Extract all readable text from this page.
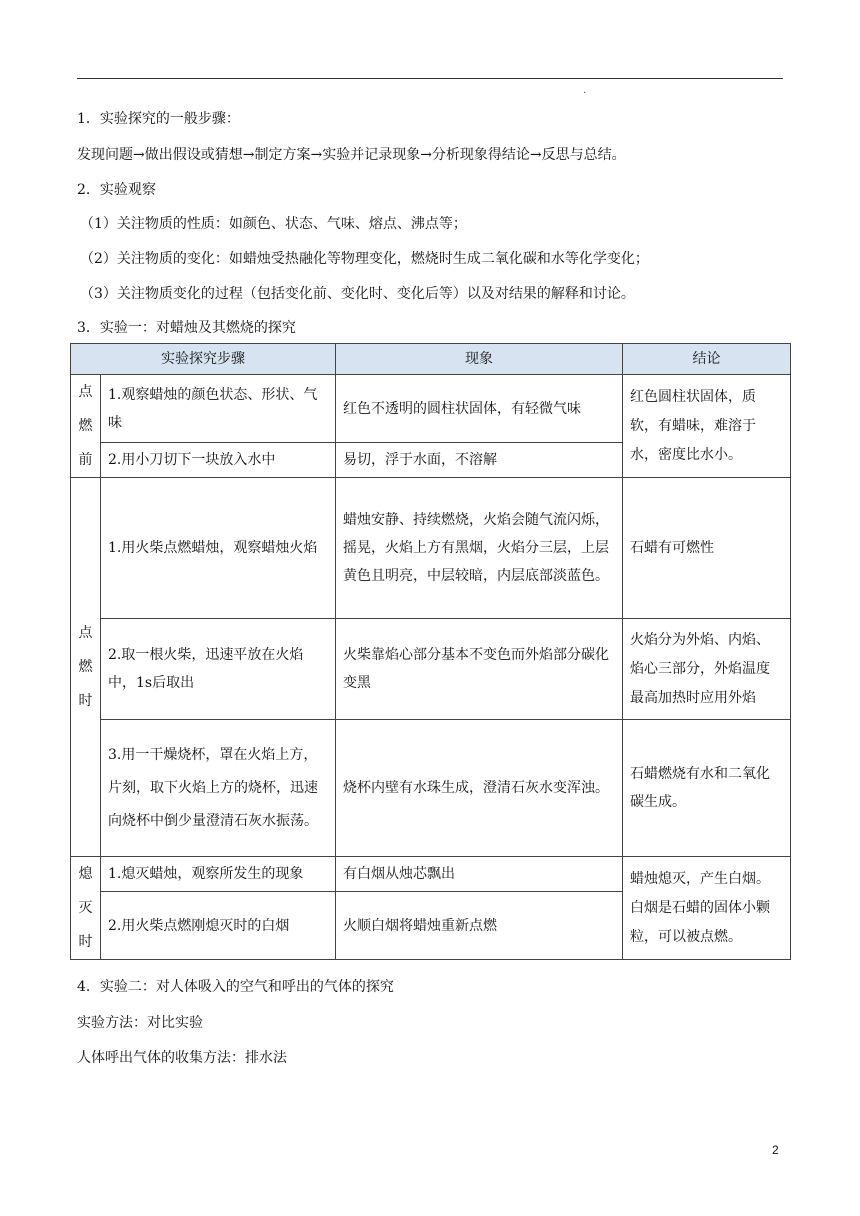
.
1．实验探究的一般步骤：
发现问题→做出假设或猜想→制定方案→实验并记录现象→分析现象得结论→反思与总结。
2．实验观察
（1）关注物质的性质：如颜色、状态、气味、熔点、沸点等；
（2）关注物质的变化：如蜡烛受热融化等物理变化，燃烧时生成二氧化碳和水等化学变化；
（3）关注物质变化的过程（包括变化前、变化时、变化后等）以及对结果的解释和讨论。
3．实验一：对蜡烛及其燃烧的探究
实验探究步骤		现象	结论
点燃前	1.观察蜡烛的颜色状态、形状、气味	红色不透明的圆柱状固体，有轻微气味	红色圆柱状固体，质软，有蜡味，难溶于水，密度比水小。
	2.用小刀切下一块放入水中	易切，浮于水面，不溶解	
点燃时	1.用火柴点燃蜡烛，观察蜡烛火焰	蜡烛安静、持续燃烧，火焰会随气流闪烁，摇晃，火焰上方有黑烟，火焰分三层，上层黄色且明亮，中层较暗，内层底部淡蓝色。	石蜡有可燃性
	2.取一根火柴，迅速平放在火焰中，1s后取出	火柴靠焰心部分基本不变色而外焰部分碳化变黑	火焰分为外焰、内焰、焰心三部分，外焰温度最高加热时应用外焰
	3.用一干燥烧杯，罩在火焰上方，片刻，取下火焰上方的烧杯，迅速向烧杯中倒少量澄清石灰水振荡。	烧杯内壁有水珠生成，澄清石灰水变浑浊。	石蜡燃烧有水和二氧化碳生成。
熄灭时	1.熄灭蜡烛，观察所发生的现象	有白烟从烛芯飘出	蜡烛熄灭，产生白烟。白烟是石蜡的固体小颗粒，可以被点燃。
	2.用火柴点燃刚熄灭时的白烟	火顺白烟将蜡烛重新点燃	
4．实验二：对人体吸入的空气和呼出的气体的探究
实验方法：对比实验
人体呼出气体的收集方法：排水法
2
